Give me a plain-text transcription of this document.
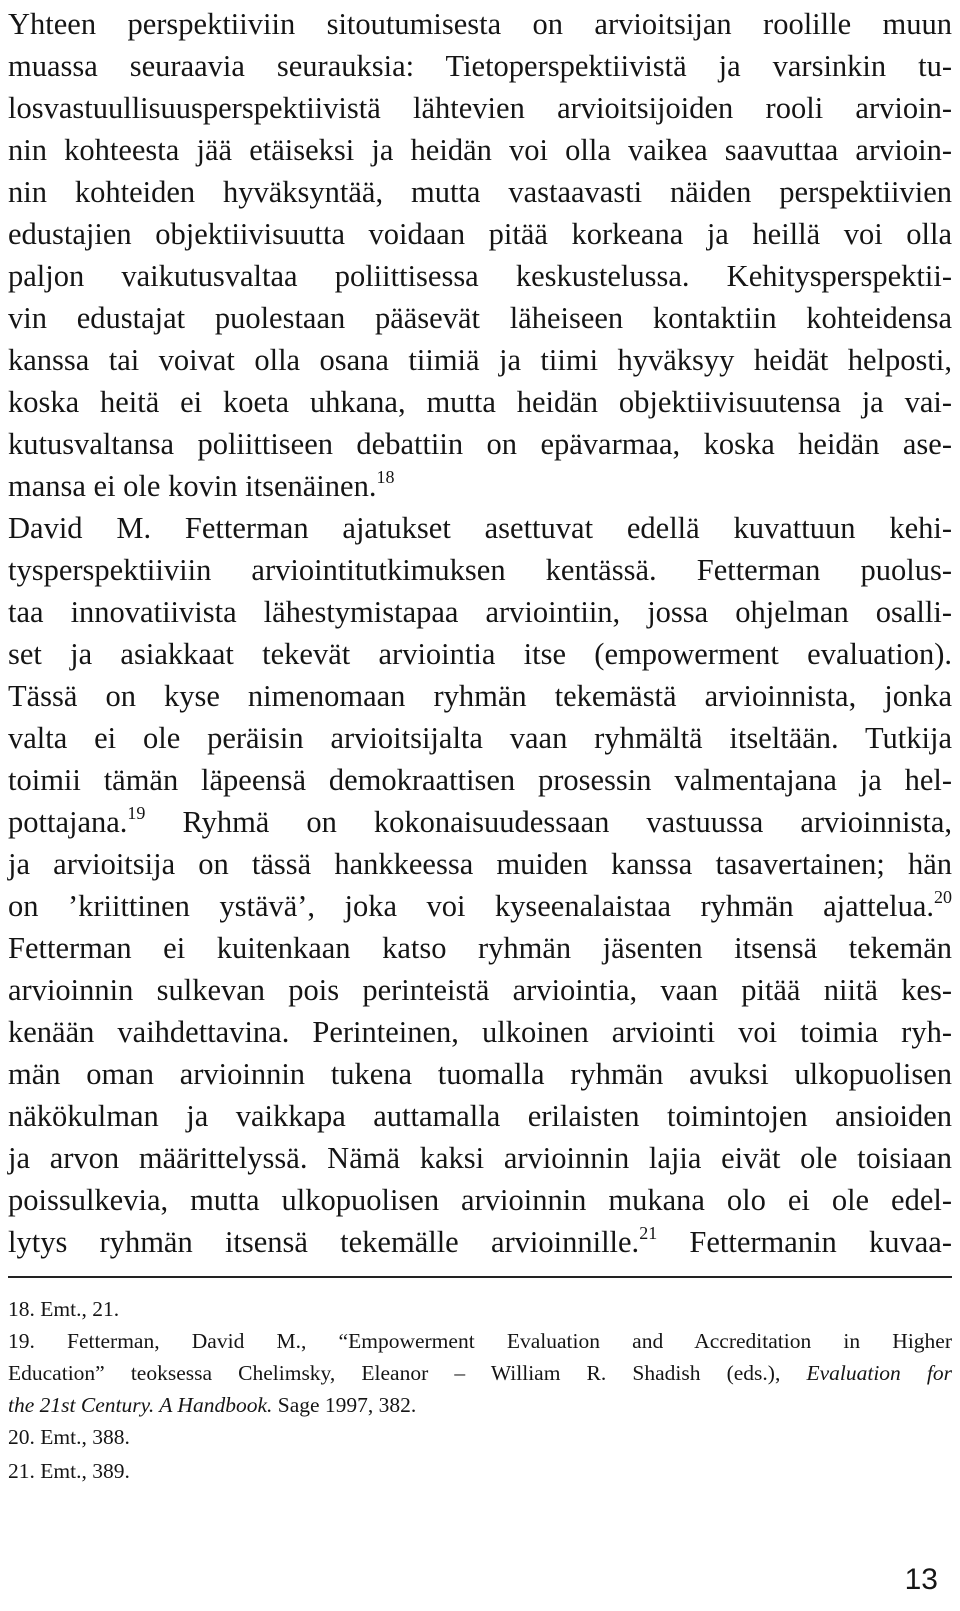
Yhteen perspektiiviin sitoutumisesta on arvioitsijan roolille muun
muassa seuraavia seurauksia: Tietoperspektiivistä ja varsinkin tu-
losvastuullisuusperspektiivistä lähtevien arvioitsijoiden rooli arvioin-
nin kohteesta jää etäiseksi ja heidän voi olla vaikea saavuttaa arvioin-
nin kohteiden hyväksyntää, mutta vastaavasti näiden perspektiivien
edustajien objektiivisuutta voidaan pitää korkeana ja heillä voi olla
paljon vaikutusvaltaa poliittisessa keskustelussa. Kehitysperspektii-
vin edustajat puolestaan pääsevät läheiseen kontaktiin kohteidensa
kanssa tai voivat olla osana tiimiä ja tiimi hyväksyy heidät helposti,
koska heitä ei koeta uhkana, mutta heidän objektiivisuutensa ja vai-
kutusvaltansa poliittiseen debattiin on epävarmaa, koska heidän ase-
mansa ei ole kovin itsenäinen.$^{18}$
David M. Fetterman ajatukset asettuvat edellä kuvattuun kehi-
tysperspektiiviin arviointitutkimuksen kentässä. Fetterman puolus-
taa innovatiivista lähestymistapaa arviointiin, jossa ohjelman osalli-
set ja asiakkaat tekevät arviointia itse (empowerment evaluation).
Tässä on kyse nimenomaan ryhmän tekemästä arvioinnista, jonka
valta ei ole peräisin arvioitsijalta vaan ryhmältä itseltään. Tutkija
toimii tämän läpeensä demokraattisen prosessin valmentajana ja hel-
pottajana.$^{19}$ Ryhmä on kokonaisuudessaan vastuussa arvioinnista,
ja arvioitsija on tässä hankkeessa muiden kanssa tasavertainen; hän
on ’kriittinen ystävä’, joka voi kyseenalaistaa ryhmän ajattelua.$^{20}$
Fetterman ei kuitenkaan katso ryhmän jäsenten itsensä tekemän
arvioinnin sulkevan pois perinteistä arviointia, vaan pitää niitä kes-
kenään vaihdettavina. Perinteinen, ulkoinen arviointi voi toimia ryh-
män oman arvioinnin tukena tuomalla ryhmän avuksi ulkopuolisen
näkökulman ja vaikkapa auttamalla erilaisten toimintojen ansioiden
ja arvon määrittelyssä. Nämä kaksi arvioinnin lajia eivät ole toisiaan
poissulkevia, mutta ulkopuolisen arvioinnin mukana olo ei ole edel-
lytys ryhmän itsensä tekemälle arvioinnille.$^{21}$ Fettermanin kuvaa-
18. Emt., 21.
19. Fetterman, David M., “Empowerment Evaluation and Accreditation in Higher
Education” teoksessa Chelimsky, Eleanor – William R. Shadish (eds.), Evaluation for
the 21st Century. A Handbook. Sage 1997, 382.
20. Emt., 388.
21. Emt., 389.
13
